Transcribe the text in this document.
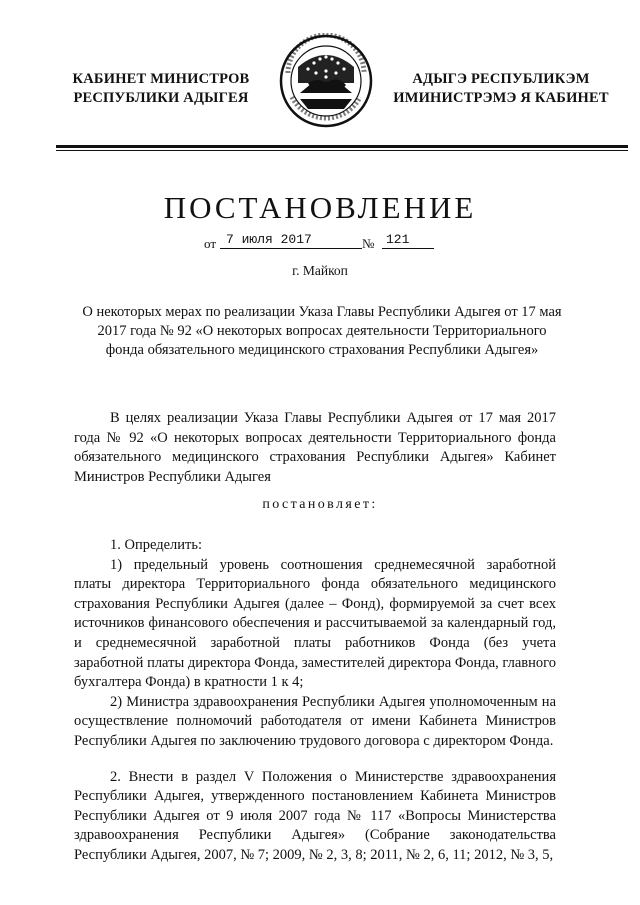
КАБИНЕТ МИНИСТРОВ
РЕСПУБЛИКИ АДЫГЕЯ
АДЫГЭ РЕСПУБЛИКЭМ
ИМИНИСТРЭМЭ Я КАБИНЕТ
ПОСТАНОВЛЕНИЕ
от 7 июля 2017	№ 121
г. Майкоп
О некоторых мерах по реализации Указа Главы Республики Адыгея от 17 мая 2017 года № 92 «О некоторых вопросах деятельности Территориального фонда обязательного медицинского страхования Республики Адыгея»
В целях реализации Указа Главы Республики Адыгея от 17 мая 2017 года № 92 «О некоторых вопросах деятельности Территориального фонда обязательного медицинского страхования Республики Адыгея» Кабинет Министров Республики Адыгея
постановляет:

1. Определить:

1) предельный уровень соотношения среднемесячной заработной платы директора Территориального фонда обязательного медицинского страхования Республики Адыгея (далее – Фонд), формируемой за счет всех источников финансового обеспечения и рассчитываемой за календарный год, и среднемесячной заработной платы работников Фонда (без учета заработной платы директора Фонда, заместителей директора Фонда, главного бухгалтера Фонда) в кратности 1 к 4;

2) Министра здравоохранения Республики Адыгея уполномоченным на осуществление полномочий работодателя от имени Кабинета Министров Республики Адыгея по заключению трудового договора с директором Фонда.

2. Внести в раздел V Положения о Министерстве здравоохранения Республики Адыгея, утвержденного постановлением Кабинета Министров Республики Адыгея от 9 июля 2007 года № 117 «Вопросы Министерства здравоохранения Республики Адыгея» (Собрание законодательства Республики Адыгея, 2007, № 7; 2009, № 2, 3, 8; 2011, № 2, 6, 11; 2012, № 3, 5,
